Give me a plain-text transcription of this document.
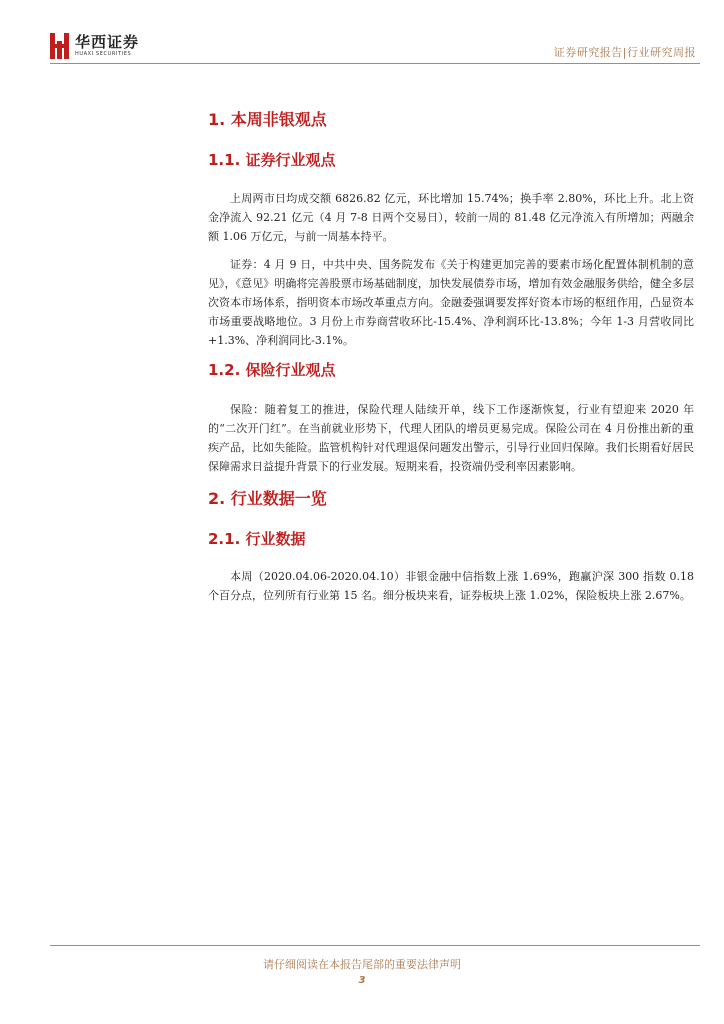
华西证券
HUAXI SECURITIES	证券研究报告|行业研究周报
1. 本周非银观点
1.1. 证券行业观点

上周两市日均成交额 6826.82 亿元，环比增加 15.74%；换手率 2.80%，环比上升。北上资金净流入 92.21 亿元（4 月 7-8 日两个交易日），较前一周的 81.48 亿元净流入有所增加；两融余额 1.06 万亿元，与前一周基本持平。

证券：4 月 9 日，中共中央、国务院发布《关于构建更加完善的要素市场化配置体制机制的意见》，《意见》明确将完善股票市场基础制度，加快发展债券市场，增加有效金融服务供给，健全多层次资本市场体系，指明资本市场改革重点方向。金融委强调要发挥好资本市场的枢纽作用，凸显资本市场重要战略地位。3 月份上市券商营收环比-15.4%、净利润环比-13.8%；今年 1-3 月营收同比+1.3%、净利润同比-3.1%。

1.2. 保险行业观点

保险：随着复工的推进，保险代理人陆续开单，线下工作逐渐恢复，行业有望迎来 2020 年的“二次开门红”。在当前就业形势下，代理人团队的增员更易完成。保险公司在 4 月份推出新的重疾产品，比如失能险。监管机构针对代理退保问题发出警示，引导行业回归保障。我们长期看好居民保障需求日益提升背景下的行业发展。短期来看，投资端仍受利率因素影响。

2. 行业数据一览
2.1. 行业数据

本周（2020.04.06-2020.04.10）非银金融中信指数上涨 1.69%，跑赢沪深 300 指数 0.18 个百分点，位列所有行业第 15 名。细分板块来看，证券板块上涨 1.02%，保险板块上涨 2.67%。

请仔细阅读在本报告尾部的重要法律声明
3
